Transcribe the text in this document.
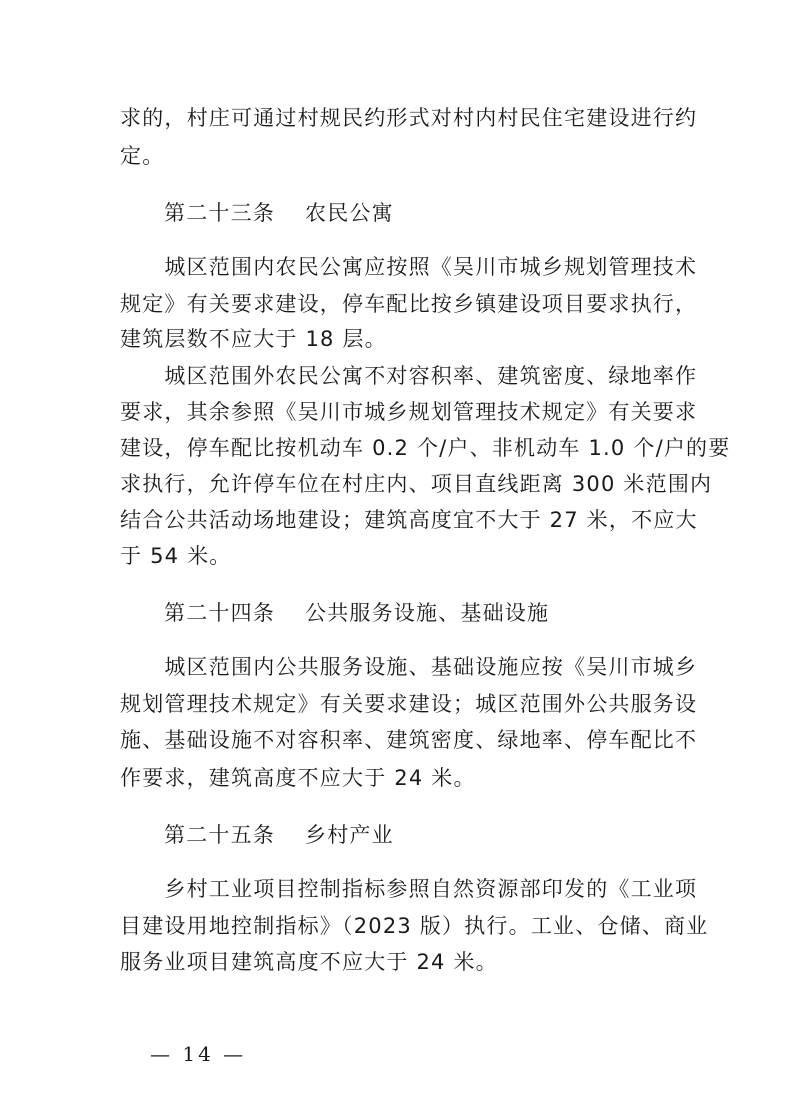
求的，村庄可通过村规民约形式对村内村民住宅建设进行约
定。
第二十三条 农民公寓
　　城区范围内农民公寓应按照《吴川市城乡规划管理技术
规定》有关要求建设，停车配比按乡镇建设项目要求执行，
建筑层数不应大于 18 层。
　　城区范围外农民公寓不对容积率、建筑密度、绿地率作
要求，其余参照《吴川市城乡规划管理技术规定》有关要求
建设，停车配比按机动车 0.2 个/户、非机动车 1.0 个/户的要
求执行，允许停车位在村庄内、项目直线距离 300 米范围内
结合公共活动场地建设；建筑高度宜不大于 27 米，不应大
于 54 米。
第二十四条 公共服务设施、基础设施
　　城区范围内公共服务设施、基础设施应按《吴川市城乡
规划管理技术规定》有关要求建设；城区范围外公共服务设
施、基础设施不对容积率、建筑密度、绿地率、停车配比不
作要求，建筑高度不应大于 24 米。
第二十五条 乡村产业
　　乡村工业项目控制指标参照自然资源部印发的《工业项
目建设用地控制指标》（2023 版）执行。工业、仓储、商业
服务业项目建筑高度不应大于 24 米。
— 14 —
